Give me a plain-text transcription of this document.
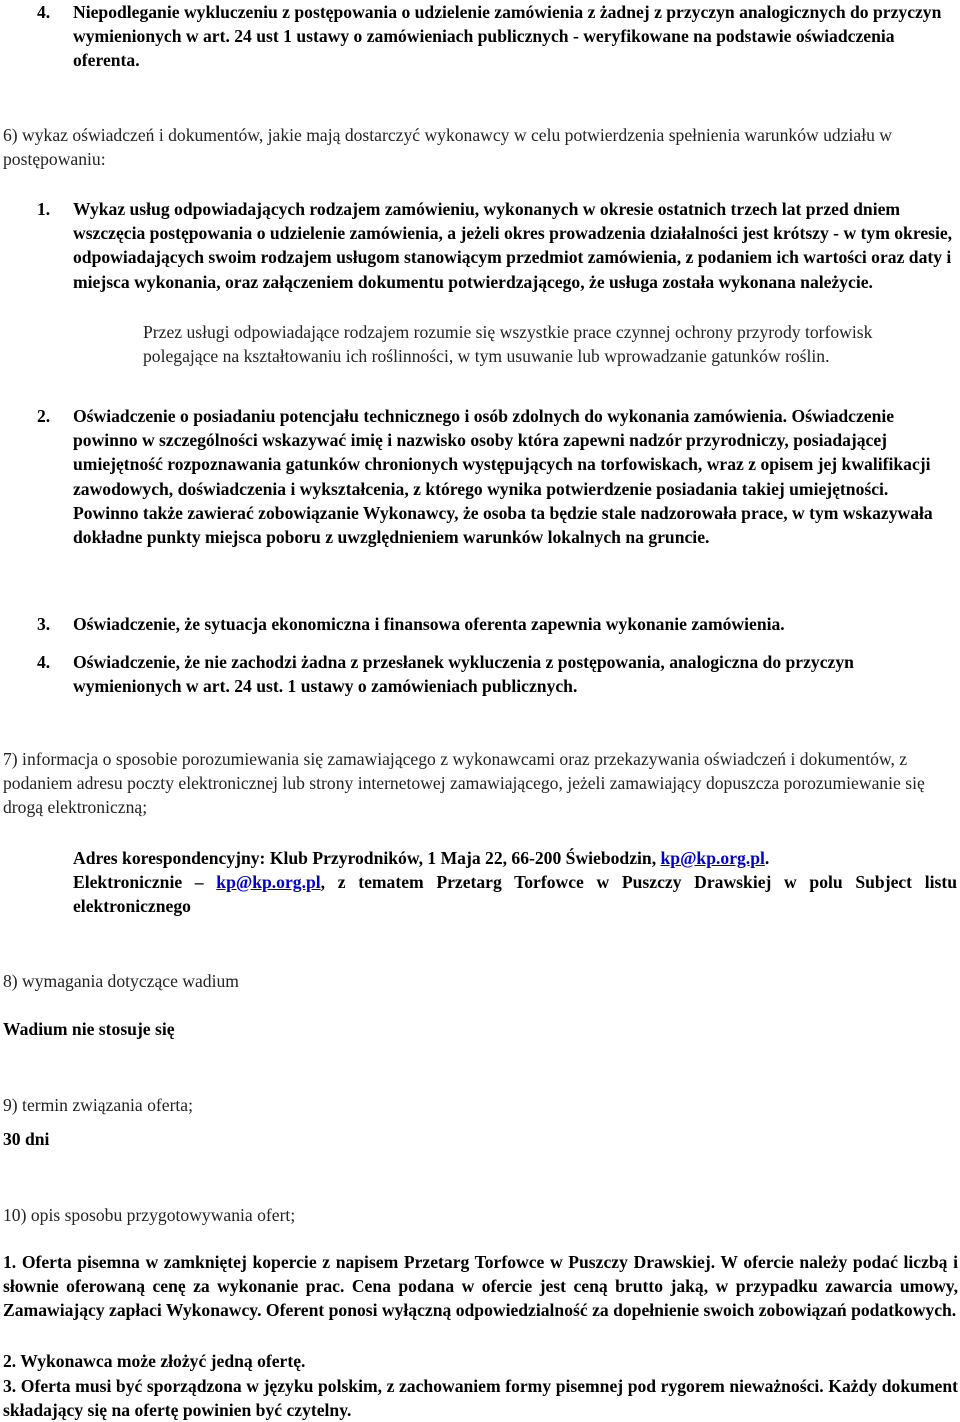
4. Niepodleganie wykluczeniu z postępowania o udzielenie zamówienia z żadnej z przyczyn analogicznych do przyczyn wymienionych w art. 24 ust 1 ustawy o zamówieniach publicznych - weryfikowane na podstawie oświadczenia oferenta.
6) wykaz oświadczeń i dokumentów, jakie mają dostarczyć wykonawcy w celu potwierdzenia spełnienia warunków udziału w postępowaniu:
1. Wykaz usług odpowiadających rodzajem zamówieniu, wykonanych w okresie ostatnich trzech lat przed dniem wszczęcia postępowania o udzielenie zamówienia, a jeżeli okres prowadzenia działalności jest krótszy - w tym okresie, odpowiadających swoim rodzajem usługom stanowiącym przedmiot zamówienia, z podaniem ich wartości oraz daty i miejsca wykonania, oraz załączeniem dokumentu potwierdzającego, że usługa została wykonana należycie.
Przez usługi odpowiadające rodzajem rozumie się wszystkie prace czynnej ochrony przyrody torfowisk polegające na kształtowaniu ich roślinności, w tym usuwanie lub wprowadzanie gatunków roślin.
2. Oświadczenie o posiadaniu potencjału technicznego i osób zdolnych do wykonania zamówienia. Oświadczenie powinno w szczególności wskazywać imię i nazwisko osoby która zapewni nadzór przyrodniczy, posiadającej umiejętność rozpoznawania gatunków chronionych występujących na torfowiskach, wraz z opisem jej kwalifikacji zawodowych, doświadczenia i wykształcenia, z którego wynika potwierdzenie posiadania takiej umiejętności. Powinno także zawierać zobowiązanie Wykonawcy, że osoba ta będzie stale nadzorowała prace, w tym wskazywała dokładne punkty miejsca poboru z uwzględnieniem warunków lokalnych na gruncie.
3. Oświadczenie, że sytuacja ekonomiczna i finansowa oferenta zapewnia wykonanie zamówienia.
4. Oświadczenie, że nie zachodzi żadna z przesłanek wykluczenia z postępowania, analogiczna do przyczyn wymienionych w art. 24 ust. 1 ustawy o zamówieniach publicznych.
7) informacja o sposobie porozumiewania się zamawiającego z wykonawcami oraz przekazywania oświadczeń i dokumentów, z podaniem adresu poczty elektronicznej lub strony internetowej zamawiającego, jeżeli zamawiający dopuszcza porozumiewanie się drogą elektroniczną;
Adres korespondencyjny: Klub Przyrodników, 1 Maja 22, 66-200 Świebodzin, kp@kp.org.pl.
Elektronicznie – kp@kp.org.pl, z tematem Przetarg Torfowce w Puszczy Drawskiej w polu Subject listu elektronicznego
8) wymagania dotyczące wadium
Wadium nie stosuje się
9) termin związania oferta;
30 dni
10) opis sposobu przygotowywania ofert;
1. Oferta pisemna w zamkniętej kopercie z napisem Przetarg Torfowce w Puszczy Drawskiej. W ofercie należy podać liczbą i słownie oferowaną cenę za wykonanie prac. Cena podana w ofercie jest ceną brutto jaką, w przypadku zawarcia umowy, Zamawiający zapłaci Wykonawcy. Oferent ponosi wyłączną odpowiedzialność za dopełnienie swoich zobowiązań podatkowych.
2. Wykonawca może złożyć jedną ofertę.
3. Oferta musi być sporządzona w języku polskim, z zachowaniem formy pisemnej pod rygorem nieważności. Każdy dokument składający się na ofertę powinien być czytelny.
